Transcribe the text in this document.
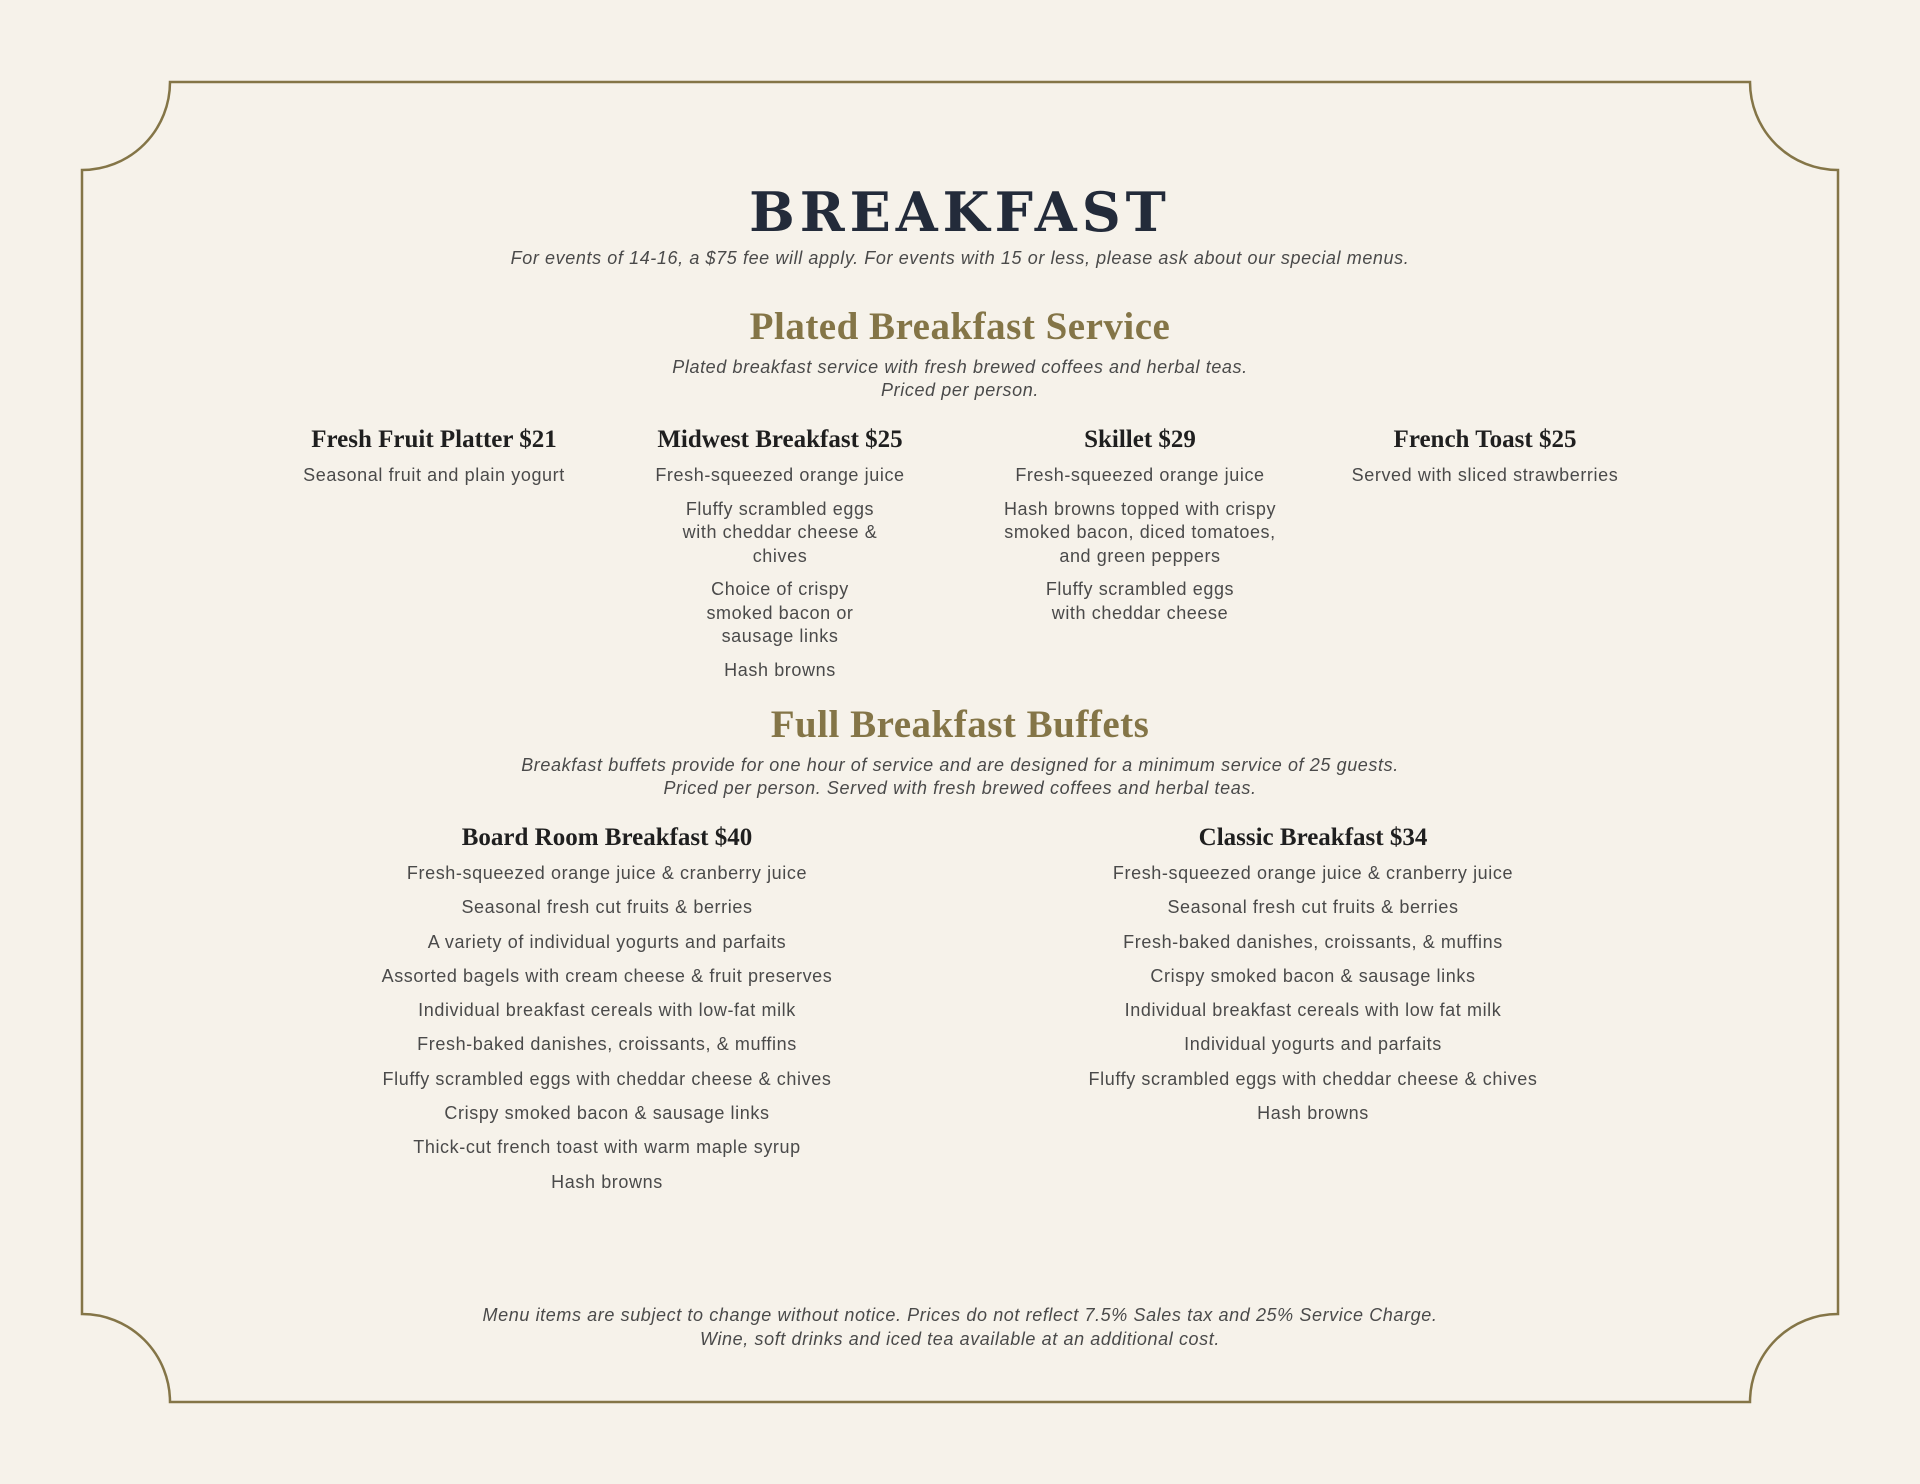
BREAKFAST

For events of 14-16, a $75 fee will apply. For events with 15 or less, please ask about our special menus.

Plated Breakfast Service

Plated breakfast service with fresh brewed coffees and herbal teas.
Priced per person.

Fresh Fruit Platter $21
Seasonal fruit and plain yogurt
Midwest Breakfast $25
Fresh-squeezed orange juice
Fluffy scrambled eggs with cheddar cheese & chives
Choice of crispy smoked bacon or sausage links
Hash browns
Skillet $29
Fresh-squeezed orange juice
Hash browns topped with crispy smoked bacon, diced tomatoes, and green peppers
Fluffy scrambled eggs with cheddar cheese
French Toast $25
Served with sliced strawberries
Full Breakfast Buffets

Breakfast buffets provide for one hour of service and are designed for a minimum service of 25 guests.
Priced per person. Served with fresh brewed coffees and herbal teas.

Board Room Breakfast $40
Fresh-squeezed orange juice & cranberry juice
Seasonal fresh cut fruits & berries
A variety of individual yogurts and parfaits
Assorted bagels with cream cheese & fruit preserves
Individual breakfast cereals with low-fat milk
Fresh-baked danishes, croissants, & muffins
Fluffy scrambled eggs with cheddar cheese & chives
Crispy smoked bacon & sausage links
Thick-cut french toast with warm maple syrup
Hash browns
Classic Breakfast $34
Fresh-squeezed orange juice & cranberry juice
Seasonal fresh cut fruits & berries
Fresh-baked danishes, croissants, & muffins
Crispy smoked bacon & sausage links
Individual breakfast cereals with low fat milk
Individual yogurts and parfaits
Fluffy scrambled eggs with cheddar cheese & chives
Hash browns

Menu items are subject to change without notice. Prices do not reflect 7.5% Sales tax and 25% Service Charge.
Wine, soft drinks and iced tea available at an additional cost.
